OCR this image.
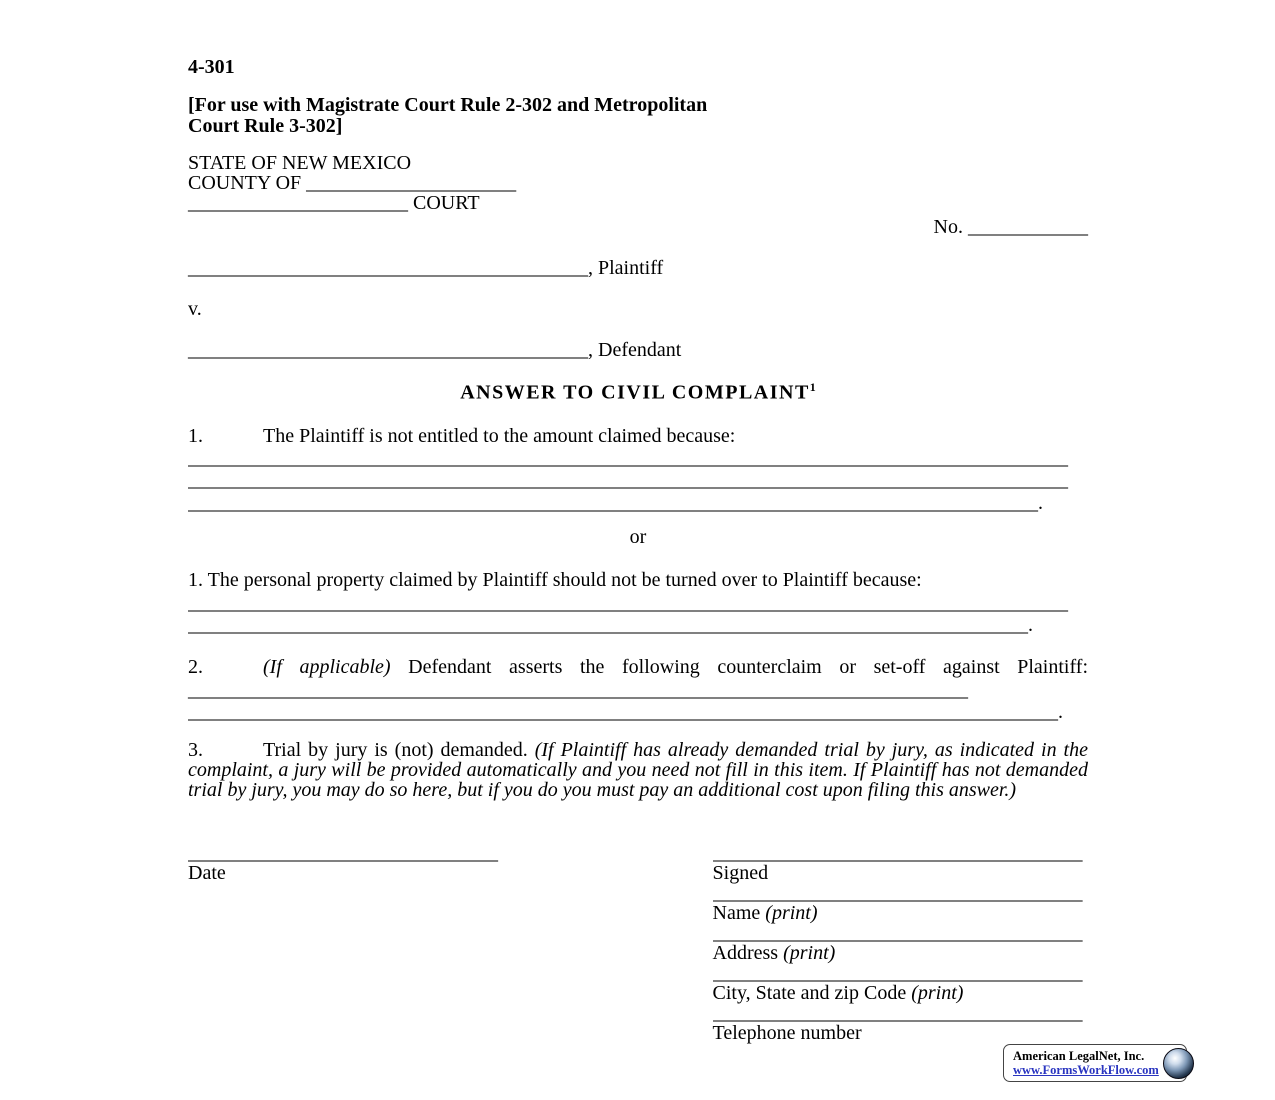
4-301
[For use with Magistrate Court Rule 2-302 and Metropolitan Court Rule 3-302]
STATE OF NEW MEXICO
COUNTY OF _____________________
______________________ COURT
No. ____________
________________________________________, Plaintiff
v.
________________________________________, Defendant
ANSWER TO CIVIL COMPLAINT$^1$
1.	The Plaintiff is not entitled to the amount claimed because:
________________________________________________________________________________________
________________________________________________________________________________________
_____________________________________________________________________________________.
or
1. The personal property claimed by Plaintiff should not be turned over to Plaintiff because:
________________________________________________________________________________________
____________________________________________________________________________________.
2.	(If applicable) Defendant asserts the following counterclaim or set-off against Plaintiff: ______________________________________________________________________________
_______________________________________________________________________________________.
3.	Trial by jury is (not) demanded. (If Plaintiff has already demanded trial by jury, as indicated in the complaint, a jury will be provided automatically and you need not fill in this item. If Plaintiff has not demanded trial by jury, you may do so here, but if you do you must pay an additional cost upon filing this answer.)
_______________________________
Date
_____________________________________
Signed
_____________________________________
Name (print)
_____________________________________
Address (print)
_____________________________________
City, State and zip Code (print)
_____________________________________
Telephone number
American LegalNet, Inc.
www.FormsWorkFlow.com
